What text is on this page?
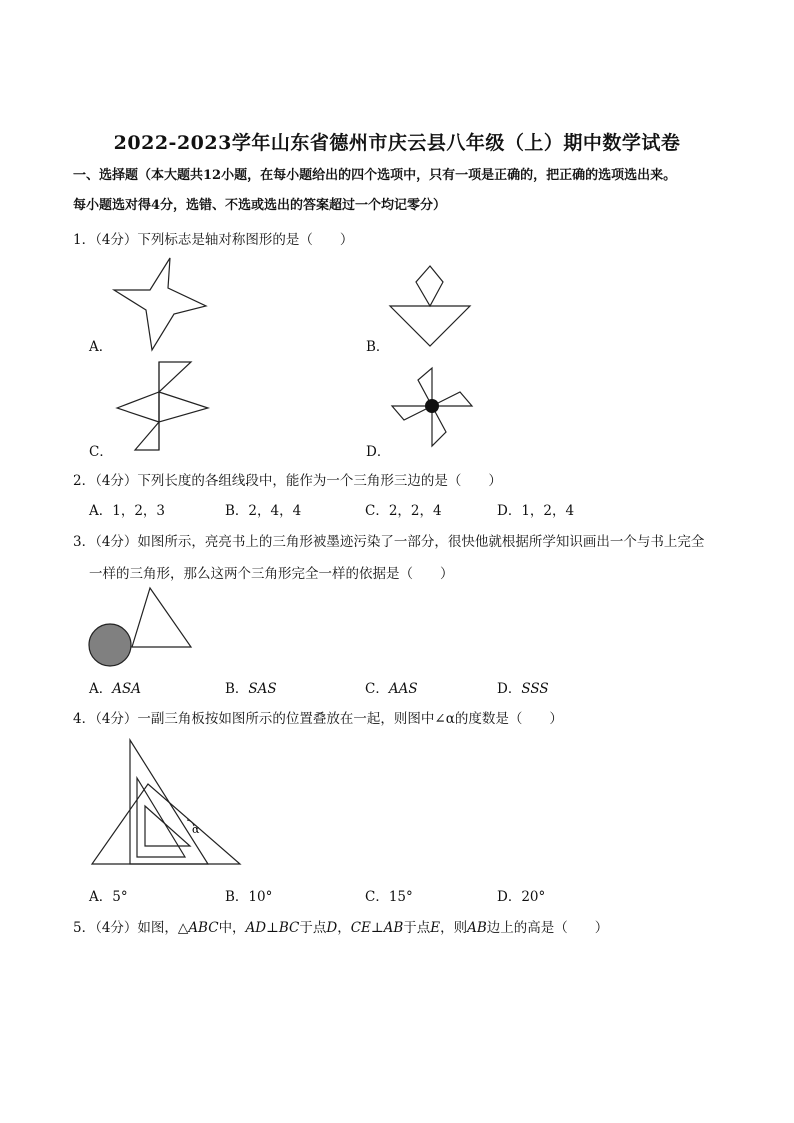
2022-2023学年山东省德州市庆云县八年级（上）期中数学试卷
一、选择题（本大题共12小题，在每小题给出的四个选项中，只有一项是正确的，把正确的选项选出来。
每小题选对得4分，选错、不选或选出的答案超过一个均记零分）
1．（4分）下列标志是轴对称图形的是（　　）
A．	B．
C．	D．
2．（4分）下列长度的各组线段中，能作为一个三角形三边的是（　　）
A．1，2，3	B．2，4，4	C．2，2，4	D．1，2，4
3．（4分）如图所示，亮亮书上的三角形被墨迹污染了一部分，很快他就根据所学知识画出一个与书上完全
一样的三角形，那么这两个三角形完全一样的依据是（　　）
A．ASA	B．SAS	C．AAS	D．SSS
4．（4分）一副三角板按如图所示的位置叠放在一起，则图中∠α的度数是（　　）
α
A．5°	B．10°	C．15°	D．20°
5．（4分）如图，△ABC中，AD⊥BC于点D，CE⊥AB于点E，则AB边上的高是（　　）
